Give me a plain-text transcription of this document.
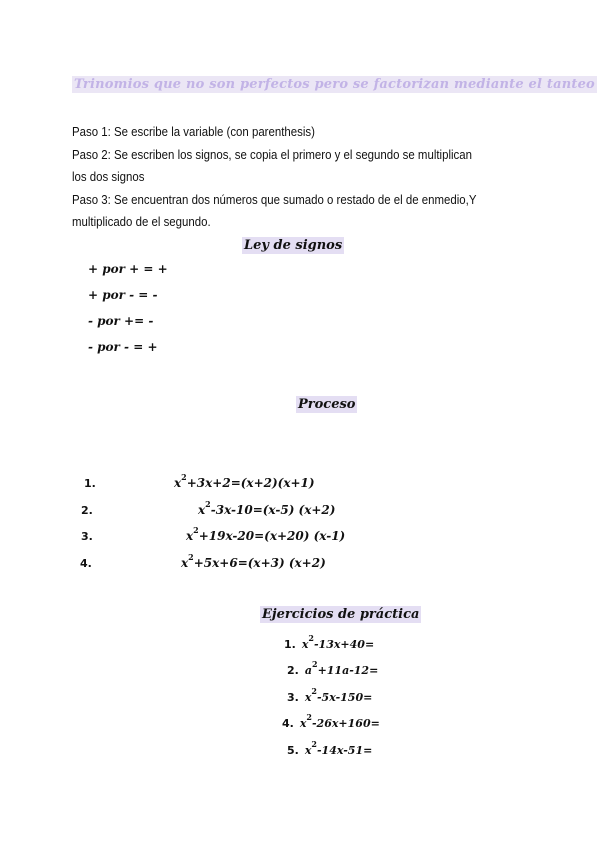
Trinomios que no son perfectos pero se factorizan mediante el tanteo

Paso 1: Se escribe la variable (con parenthesis)

Paso 2: Se escriben los signos, se copia el primero y el segundo se multiplican los dos signos

Paso 3: Se encuentran dos números que sumado o restado de el de enmedio,Y multiplicado de el segundo.

Ley de signos
+ por + = +
+ por - = -
- por += -
- por - = +
Proceso
1.	$x^2+3x+2=(x+2)(x+1)$
2.	$x^2-3x-10=(x-5)$ (x+2)
3.	$x^2+19x-20=(x+20)$ (x-1)
4.	$x^2+5x+6=(x+3)$ (x+2)
Ejercicios de práctica
1. $x^2-13x+40=$
2. $a^2+11a-12=$
3. $x^2-5x-150=$
4. $x^2-26x+160=$
5. $x^2-14x-51=$
